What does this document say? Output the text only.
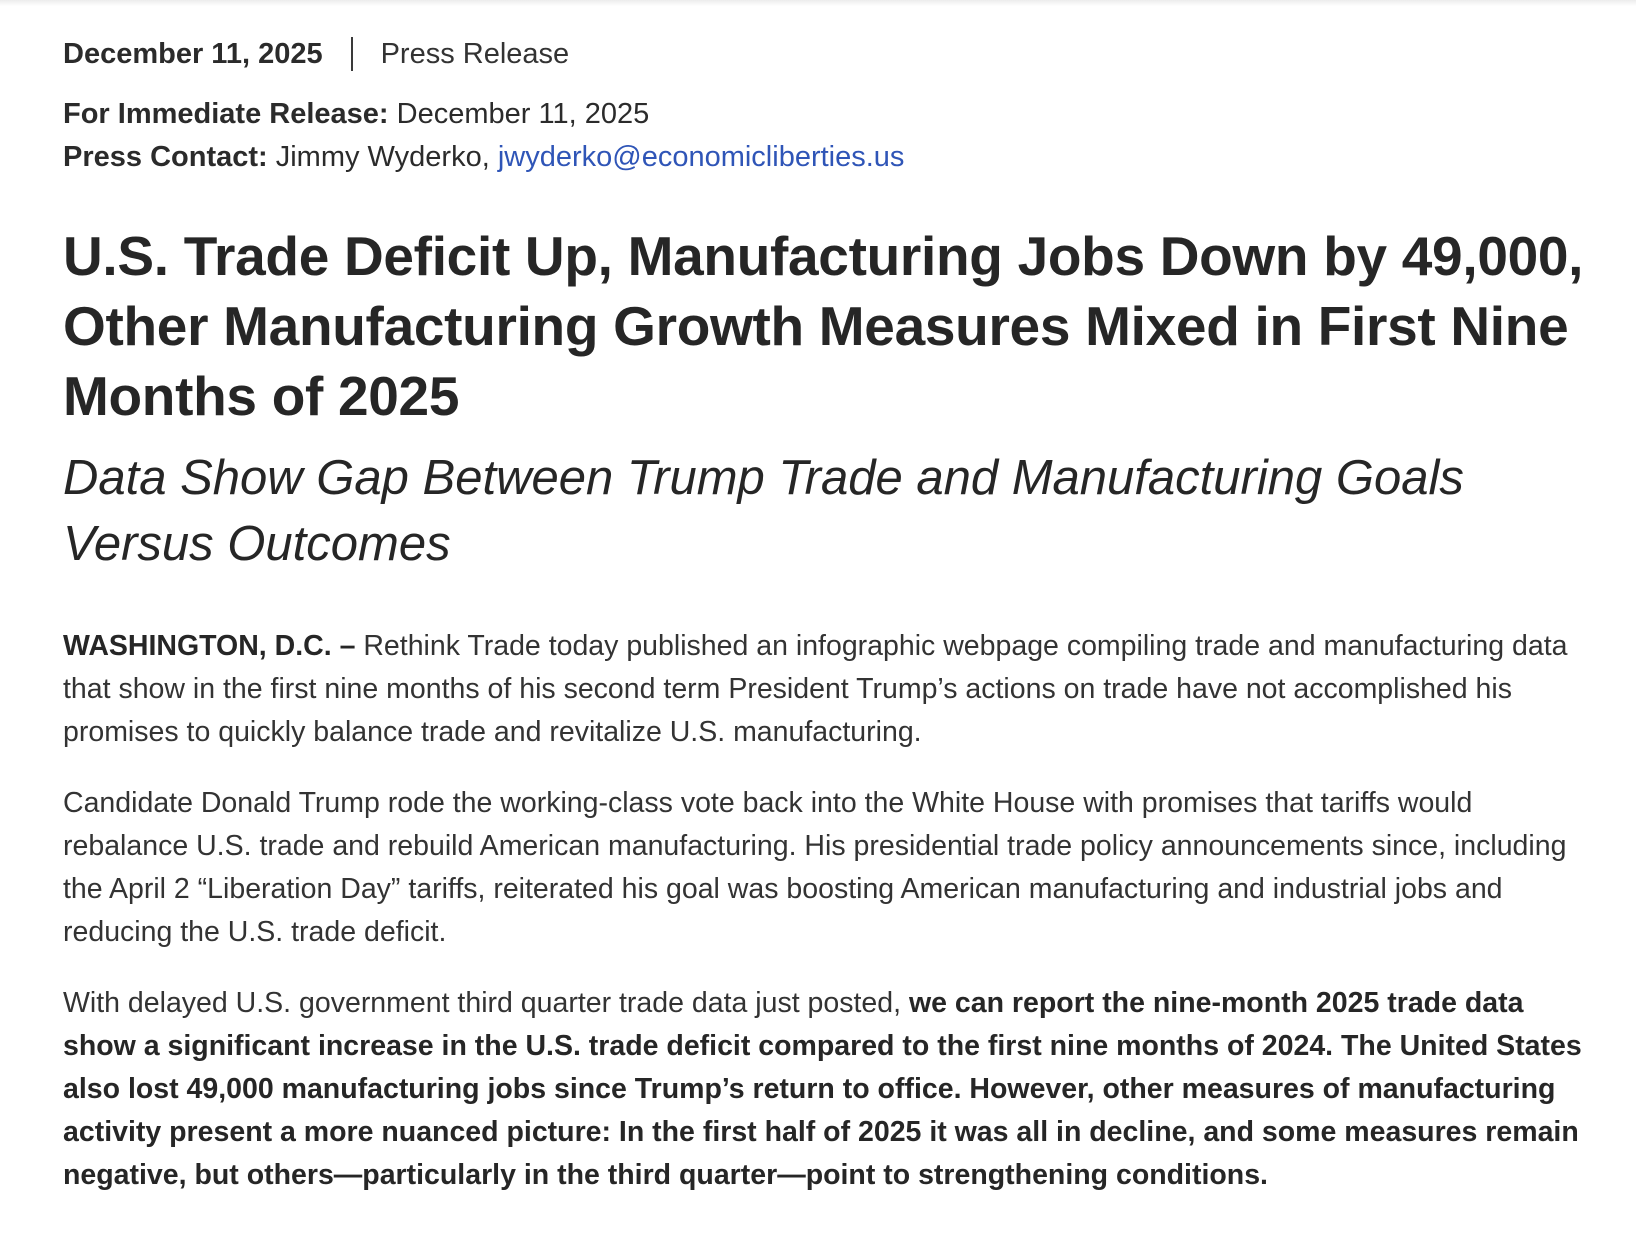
December 11, 2025 Press Release
For Immediate Release: December 11, 2025
Press Contact: Jimmy Wyderko, jwyderko@economicliberties.us
U.S. Trade Deficit Up, Manufacturing Jobs Down by 49,000, Other Manufacturing Growth Measures Mixed in First Nine Months of 2025
Data Show Gap Between Trump Trade and Manufacturing Goals Versus Outcomes

WASHINGTON, D.C. – Rethink Trade today published an infographic webpage compiling trade and manufacturing data that show in the first nine months of his second term President Trump’s actions on trade have not accomplished his promises to quickly balance trade and revitalize U.S. manufacturing.

Candidate Donald Trump rode the working-class vote back into the White House with promises that tariffs would rebalance U.S. trade and rebuild American manufacturing. His presidential trade policy announcements since, including the April 2 “Liberation Day” tariffs, reiterated his goal was boosting American manufacturing and industrial jobs and reducing the U.S. trade deficit.

With delayed U.S. government third quarter trade data just posted, we can report the nine-month 2025 trade data show a significant increase in the U.S. trade deficit compared to the first nine months of 2024. The United States also lost 49,000 manufacturing jobs since Trump’s return to office. However, other measures of manufacturing activity present a more nuanced picture: In the first half of 2025 it was all in decline, and some measures remain negative, but others—particularly in the third quarter—point to strengthening conditions.
